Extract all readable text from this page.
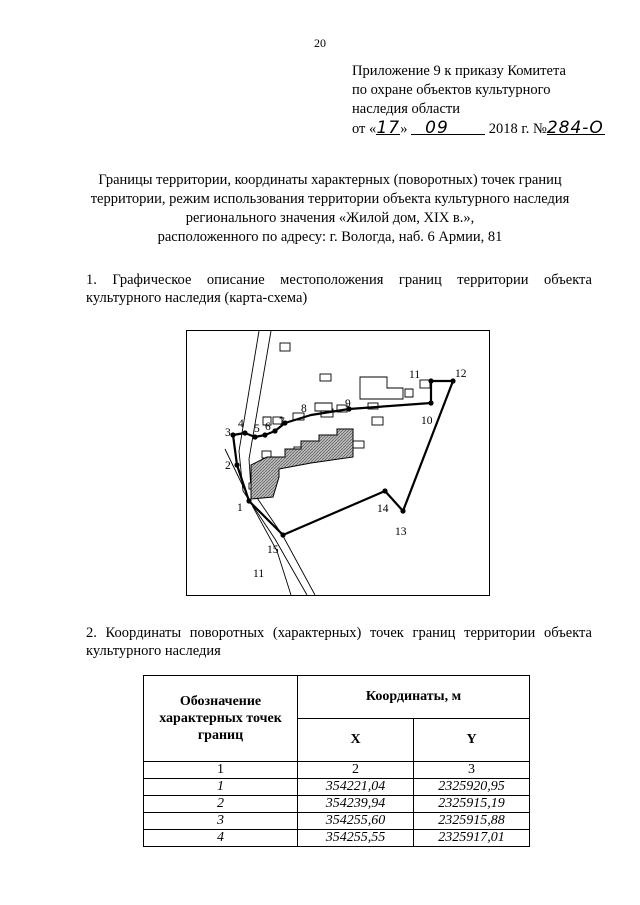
20
Приложение 9 к приказу Комитета
по охране объектов культурного
наследия области
от «17» 09	2018 г. №284-О
Границы территории, координаты характерных (поворотных) точек границ
территории, режим использования территории объекта культурного наследия
регионального значения «Жилой дом, XIX в.»,
расположенного по адресу: г. Вологда, наб. 6 Армии, 81
1. Графическое описание местоположения границ территории объекта культурного наследия (карта-схема)
1
2
3
4 5 6 7
8	9
10
11	12
13
14
15
11
2. Координаты поворотных (характерных) точек границ территории объекта культурного наследия
Обозначение характерных точек границ	Координаты, м	
	X	Y
1	2	3
1	354221,04	2325920,95
2	354239,94	2325915,19
3	354255,60	2325915,88
4	354255,55	2325917,01
